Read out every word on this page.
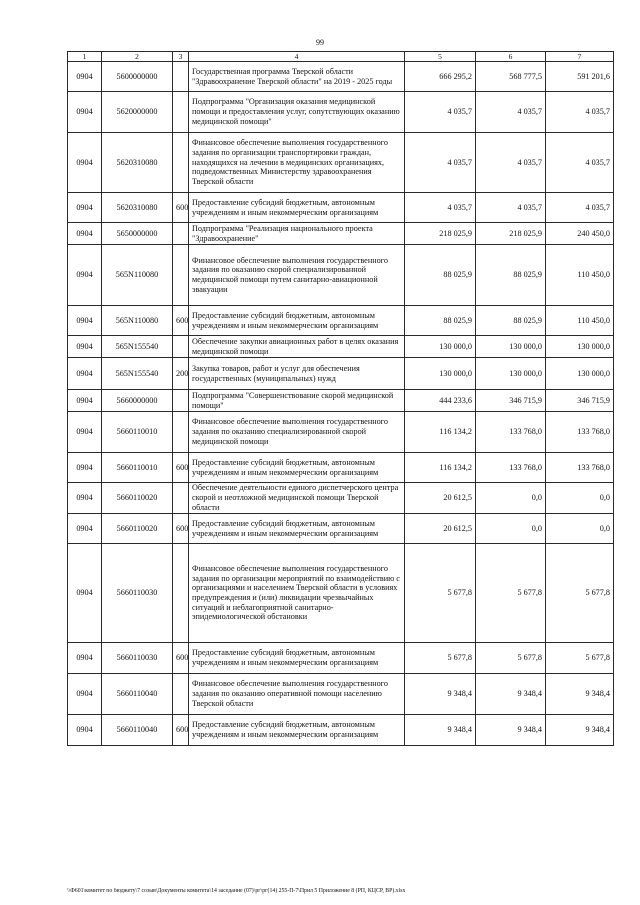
99
1	2	3	4	5	6	7
0904	5600000000		Государственная программа Тверской области "Здравоохранение Тверской области" на 2019 - 2025 годы	666 295,2	568 777,5	591 201,6
0904	5620000000		Подпрограмма "Организация оказания медицинской помощи и предоставления услуг, сопутствующих оказанию медицинской помощи"	4 035,7	4 035,7	4 035,7
0904	5620310080		Финансовое обеспечение выполнения государственного задания по организации транспортировки граждан, находящихся на лечении в медицинских организациях, подведомственных Министерству здравоохранения Тверской области	4 035,7	4 035,7	4 035,7
0904	5620310080	600	Предоставление субсидий бюджетным, автономным учреждениям и иным некоммерческим организациям	4 035,7	4 035,7	4 035,7
0904	5650000000		Подпрограмма "Реализация национального проекта "Здравоохранение"	218 025,9	218 025,9	240 450,0
0904	565N110080		Финансовое обеспечение выполнения государственного задания по оказанию скорой специализированной медицинской помощи путем санитарно-авиационной эвакуации	88 025,9	88 025,9	110 450,0
0904	565N110080	600	Предоставление субсидий бюджетным, автономным учреждениям и иным некоммерческим организациям	88 025,9	88 025,9	110 450,0
0904	565N155540		Обеспечение закупки авиационных работ в целях оказания медицинской помощи	130 000,0	130 000,0	130 000,0
0904	565N155540	200	Закупка товаров, работ и услуг для обеспечения государственных (муниципальных) нужд	130 000,0	130 000,0	130 000,0
0904	5660000000		Подпрограмма "Совершенствование скорой медицинской помощи"	444 233,6	346 715,9	346 715,9
0904	5660110010		Финансовое обеспечение выполнения государственного задания по оказанию специализированной скорой медицинской помощи	116 134,2	133 768,0	133 768,0
0904	5660110010	600	Предоставление субсидий бюджетным, автономным учреждениям и иным некоммерческим организациям	116 134,2	133 768,0	133 768,0
0904	5660110020		Обеспечение деятельности единого диспетчерского центра скорой и неотложной медицинской помощи Тверской области	20 612,5	0,0	0,0
0904	5660110020	600	Предоставление субсидий бюджетным, автономным учреждениям и иным некоммерческим организациям	20 612,5	0,0	0,0
0904	5660110030		Финансовое обеспечение выполнения государственного задания по организации мероприятий по взаимодействию с организациями и населением Тверской области в условиях предупреждения и (или) ликвидации чрезвычайных ситуаций и неблагоприятной санитарно-эпидемиологической обстановки	5 677,8	5 677,8	5 677,8
0904	5660110030	600	Предоставление субсидий бюджетным, автономным учреждениям и иным некоммерческим организациям	5 677,8	5 677,8	5 677,8
0904	5660110040		Финансовое обеспечение выполнения государственного задания по оказанию оперативной помощи населению Тверской области	9 348,4	9 348,4	9 348,4
0904	5660110040	600	Предоставление субсидий бюджетным, автономным учреждениям и иным некоммерческим организациям	9 348,4	9 348,4	9 348,4
\\Ф601\комитет по бюджету\7 созыв\Документы комитета\14 заседание (07)\рг\рг(14) 255-П-7\Прил 5 Приложение 8 (РП, КЦСР, ВР).xlsx
